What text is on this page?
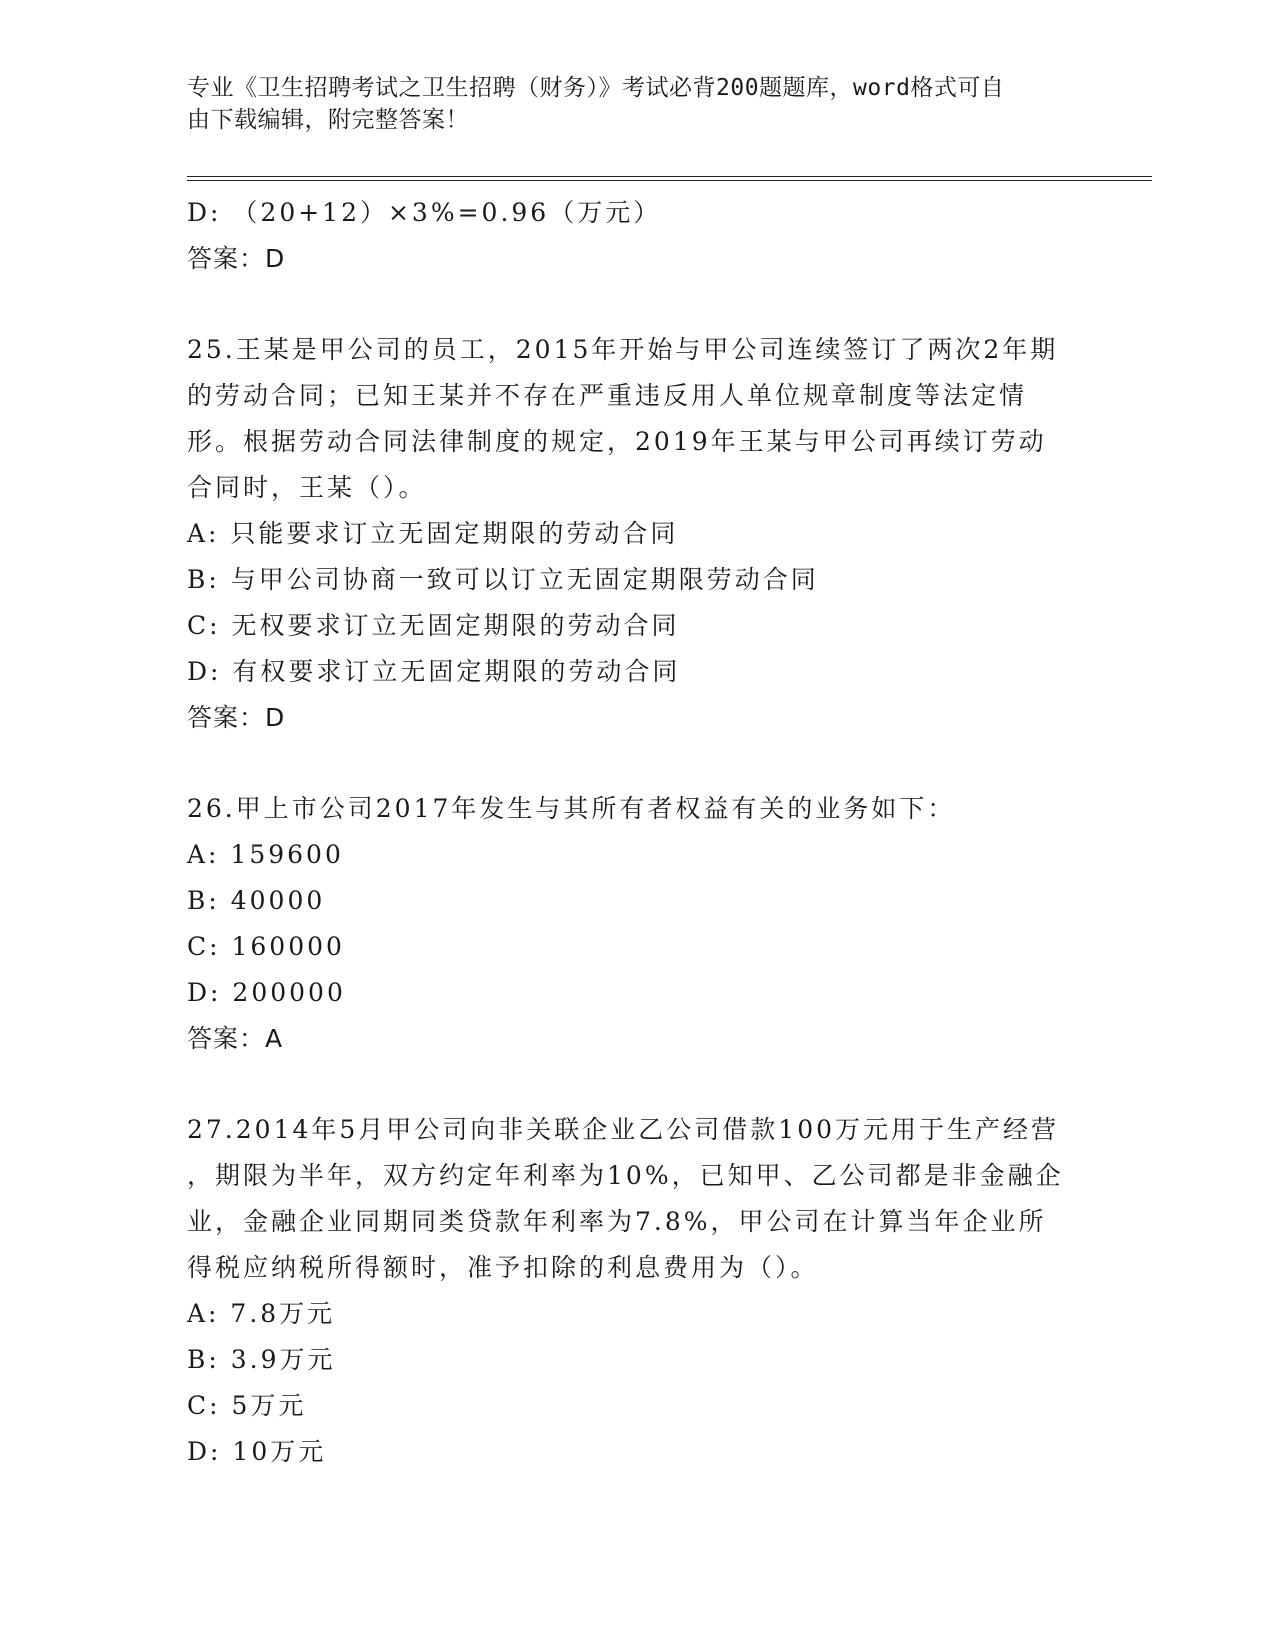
专业《卫生招聘考试之卫生招聘（财务）》考试必背200题题库，word格式可自
由下载编辑，附完整答案！
D: （20+12）×3%=0.96（万元）
答案：D
25.王某是甲公司的员工，2015年开始与甲公司连续签订了两次2年期
的劳动合同；已知王某并不存在严重违反用人单位规章制度等法定情
形。根据劳动合同法律制度的规定，2019年王某与甲公司再续订劳动
合同时，王某（）。
A: 只能要求订立无固定期限的劳动合同
B: 与甲公司协商一致可以订立无固定期限劳动合同
C: 无权要求订立无固定期限的劳动合同
D: 有权要求订立无固定期限的劳动合同
答案：D
26.甲上市公司2017年发生与其所有者权益有关的业务如下：
A: 159600
B: 40000
C: 160000
D: 200000
答案：A
27.2014年5月甲公司向非关联企业乙公司借款100万元用于生产经营
，期限为半年，双方约定年利率为10%，已知甲、乙公司都是非金融企
业，金融企业同期同类贷款年利率为7.8%，甲公司在计算当年企业所
得税应纳税所得额时，准予扣除的利息费用为（）。
A: 7.8万元
B: 3.9万元
C: 5万元
D: 10万元
